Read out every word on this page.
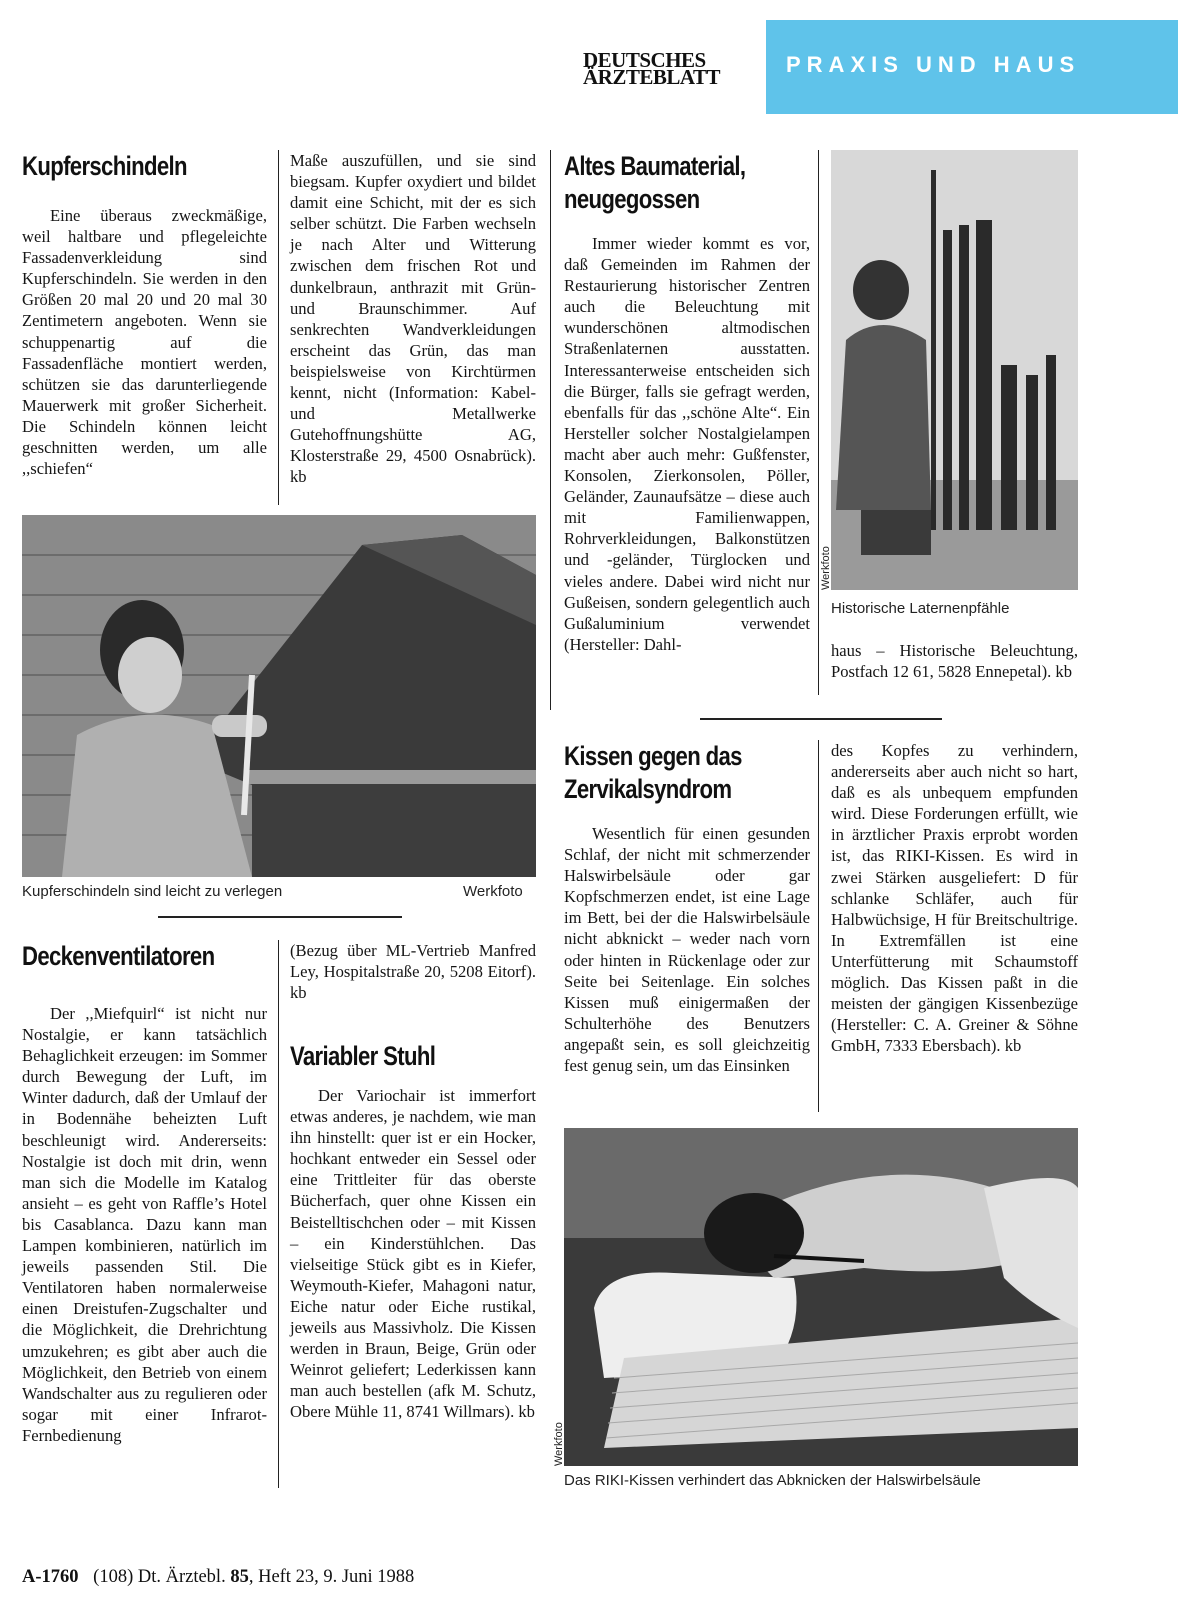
DEUTSCHES
ÄRZTEBLATT	PRAXIS UND HAUS
Kupferschindeln
Eine überaus zweckmäßige, weil haltbare und pflegeleichte Fassadenverkleidung sind Kupferschindeln. Sie werden in den Größen 20 mal 20 und 20 mal 30 Zentimetern angeboten. Wenn sie schuppenartig auf die Fassadenfläche montiert werden, schützen sie das darunterliegende Mauerwerk mit großer Sicherheit. Die Schindeln können leicht geschnitten werden, um alle ,,schiefen“
Maße auszufüllen, und sie sind biegsam. Kupfer oxydiert und bildet damit eine Schicht, mit der es sich selber schützt. Die Farben wechseln je nach Alter und Witterung zwischen dem frischen Rot und dunkelbraun, anthrazit mit Grün- und Braunschimmer. Auf senkrechten Wandverkleidungen erscheint das Grün, das man beispielsweise von Kirchtürmen kennt, nicht (Information: Kabel- und Metallwerke Gutehoffnungshütte AG, Klosterstraße 29, 4500 Osnabrück). kb
Kupferschindeln sind leicht zu verlegen	Werkfoto
Deckenventilatoren
Der ,,Miefquirl“ ist nicht nur Nostalgie, er kann tatsächlich Behaglichkeit erzeugen: im Sommer durch Bewegung der Luft, im Winter dadurch, daß der Umlauf der in Bodennähe beheizten Luft beschleunigt wird. Andererseits: Nostalgie ist doch mit drin, wenn man sich die Modelle im Katalog ansieht – es geht von Raffle’s Hotel bis Casablanca. Dazu kann man Lampen kombinieren, natürlich im jeweils passenden Stil. Die Ventilatoren haben normalerweise einen Dreistufen-Zugschalter und die Möglichkeit, die Drehrichtung umzukehren; es gibt aber auch die Möglichkeit, den Betrieb von einem Wandschalter aus zu regulieren oder sogar mit einer Infrarot-Fernbedienung
(Bezug über ML-Vertrieb Manfred Ley, Hospitalstraße 20, 5208 Eitorf). kb
Variabler Stuhl
Der Variochair ist immerfort etwas anderes, je nachdem, wie man ihn hinstellt: quer ist er ein Hocker, hochkant entweder ein Sessel oder eine Trittleiter für das oberste Bücherfach, quer ohne Kissen ein Beistelltischchen oder – mit Kissen – ein Kinderstühlchen. Das vielseitige Stück gibt es in Kiefer, Weymouth-Kiefer, Mahagoni natur, Eiche natur oder Eiche rustikal, jeweils aus Massivholz. Die Kissen werden in Braun, Beige, Grün oder Weinrot geliefert; Lederkissen kann man auch bestellen (afk M. Schutz, Obere Mühle 11, 8741 Willmars). kb
Altes Baumaterial,
neugegossen
Immer wieder kommt es vor, daß Gemeinden im Rahmen der Restaurierung historischer Zentren auch die Beleuchtung mit wunderschönen altmodischen Straßenlaternen ausstatten. Interessanterweise entscheiden sich die Bürger, falls sie gefragt werden, ebenfalls für das ,,schöne Alte“. Ein Hersteller solcher Nostalgielampen macht aber auch mehr: Gußfenster, Konsolen, Zierkonsolen, Pöller, Geländer, Zaunaufsätze – diese auch mit Familienwappen, Rohrverkleidungen, Balkonstützen und -geländer, Türglocken und vieles andere. Dabei wird nicht nur Gußeisen, sondern gelegentlich auch Gußaluminium verwendet (Hersteller: Dahl-
Werkfoto
Historische Laternenpfähle
haus – Historische Beleuchtung, Postfach 12 61, 5828 Ennepetal). kb
Kissen gegen das
Zervikalsyndrom
Wesentlich für einen gesunden Schlaf, der nicht mit schmerzender Halswirbelsäule oder gar Kopfschmerzen endet, ist eine Lage im Bett, bei der die Halswirbelsäule nicht abknickt – weder nach vorn oder hinten in Rückenlage oder zur Seite bei Seitenlage. Ein solches Kissen muß einigermaßen der Schulterhöhe des Benutzers angepaßt sein, es soll gleichzeitig fest genug sein, um das Einsinken
des Kopfes zu verhindern, andererseits aber auch nicht so hart, daß es als unbequem empfunden wird. Diese Forderungen erfüllt, wie in ärztlicher Praxis erprobt worden ist, das RIKI-Kissen. Es wird in zwei Stärken ausgeliefert: D für schlanke Schläfer, auch für Halbwüchsige, H für Breitschultrige. In Extremfällen ist eine Unterfütterung mit Schaumstoff möglich. Das Kissen paßt in die meisten der gängigen Kissenbezüge (Hersteller: C. A. Greiner & Söhne GmbH, 7333 Ebersbach). kb
Werkfoto
Das RIKI-Kissen verhindert das Abknicken der Halswirbelsäule
A-1760 (108) Dt. Ärztebl. 85, Heft 23, 9. Juni 1988
